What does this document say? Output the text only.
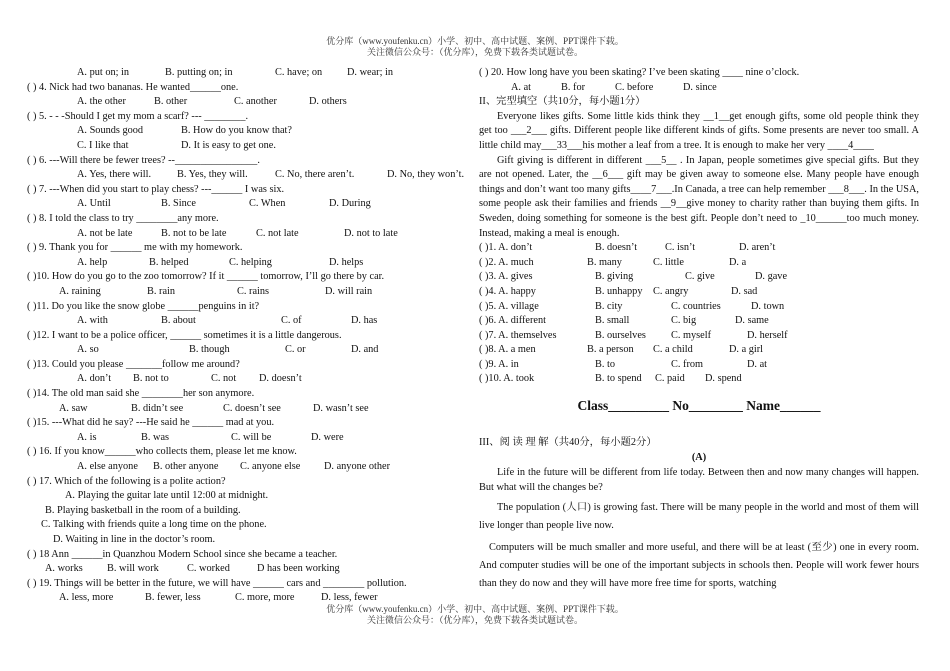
优分库（www.youfenku.cn）小学、初中、高中试题、案例、PPT课件下载。
关注微信公众号：（优分库），免费下载各类试题试卷。
A. put on; in	B. putting on; in	C. have; on D. wear; in
( ) 4. Nick had two bananas. He wanted______one.
A. the other	B. other	C. another	D. others
( ) 5. - - -Should I get my mom a scarf? --- ________.
A. Sounds good	B. How do you know that?
C. I like that	D. It is easy to get one.
( ) 6. ---Will there be fewer trees? --________________.
A. Yes, there will.	B. Yes, they will.	C. No, there aren’t.	D. No, they won’t.
( ) 7. ---When did you start to play chess? ---______ I was six.
A. Until	B. Since	C. When	D. During
( ) 8. I told the class to try ________any more.
A. not be late	B. not to be late	C. not late	D. not to late
( ) 9. Thank you for ______ me with my homework.
A. help	B. helped	C. helping	D. helps
( )10. How do you go to the zoo tomorrow? If it ______ tomorrow, I’ll go there by car.
A. raining	B. rain	C. rains	D. will rain
( )11. Do you like the snow globe ______penguins in it?
A. with	B. about	C. of	D. has
( )12. I want to be a police officer, ______ sometimes it is a little dangerous.
A. so	B. though	C. or	D. and
( )13. Could you please _______follow me around?
A. don’t B. not to	C. not D. doesn’t
( )14. The old man said she ________her son anymore.
A. saw	B. didn’t see	C. doesn’t see	D. wasn’t see
( )15. ---What did he say? ---He said he ______ mad at you.
A. is	B. was	C. will be	D. were
( ) 16. If you know______who collects them, please let me know.
A. else anyone B. other anyone C. anyone else D. anyone other
( ) 17. Which of the following is a polite action?
A. Playing the guitar late until 12:00 at midnight.
B. Playing basketball in the room of a building.
C. Talking with friends quite a long time on the phone.
D. Waiting in line in the doctor’s room.
( ) 18 Ann ______in Quanzhou Modern School since she became a teacher.
A. works B. will work	C. worked	D has been working
( ) 19. Things will be better in the future, we will have ______ cars and ________ pollution.
A. less, more	B. fewer, less	C. more, more	D. less, fewer
( ) 20. How long have you been skating? I’ve been skating ____ nine o’clock.
A. at	B. for	C. before	D. since
II、完型填空（共10分，每小题1分）
Everyone likes gifts. Some little kids think they __1__get enough gifts, some old people think they get too ___2___ gifts. Different people like different kinds of gifts. Some presents are never too small. A little child may___33___his mother a leaf from a tree. It is enough to make her very ____4____
Gift giving is different in different ___5__ . In Japan, people sometimes give special gifts. But they are not opened. Later, the __6___ gift may be given away to someone else. Many people have enough things and don’t want too many gifts____7___.In Canada, a tree can help remember ___8___. In the USA, some people ask their families and friends __9__give money to charity rather than buying them gifts. In Sweden, doing something for someone is the best gift. People don’t need to _10______too much money. Instead, making a meal is enough.
( )1. A. don’t	B. doesn’t	C. isn’t	D. aren’t
( )2. A. much	B. many	C. little	D. a
( )3. A. gives	B. giving	C. give	D. gave
( )4. A. happy	B. unhappy C. angry	D. sad
( )5. A. village	B. city	C. countries	D. town
( )6. A. different	B. small	C. big	D. same
( )7. A. themselves	B. ourselves C. myself	D. herself
( )8. A. a men	B. a person C. a child	D. a girl
( )9. A. in	B. to	C. from	D. at
( )10. A. took	B. to spend C. paid D. spend
Class_________ No________ Name______
III、阅 读 理 解（共40分，每小题2分）
(A)
Life in the future will be different from life today. Between then and now many changes will happen. But what will the changes be?
The population (人口) is growing fast. There will be many people in the world and most of them will live longer than people live now.
Computers will be much smaller and more useful, and there will be at least (至少) one in every room. And computer studies will be one of the important subjects in schools then. People will work fewer hours than they do now and they will have more free time for sports, watching
优分库（www.youfenku.cn）小学、初中、高中试题、案例、PPT课件下载。
关注微信公众号：（优分库），免费下载各类试题试卷。
